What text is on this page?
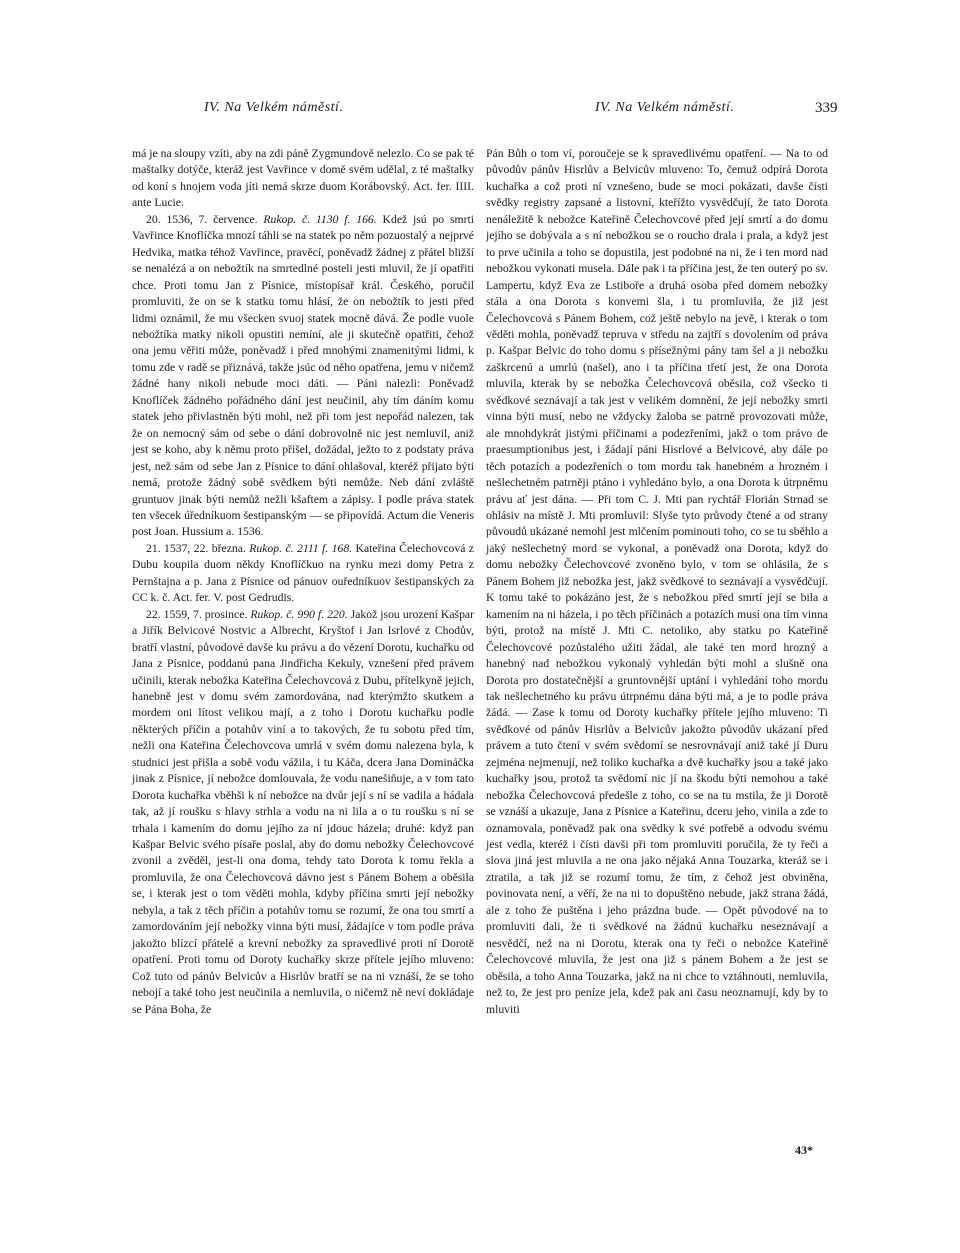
IV. Na Velkém náměstí.	IV. Na Velkém náměstí.	339

má je na sloupy vzíti, aby na zdi páně Zygmundově nelezlo. Co se pak té maštalky dotýče, kteráž jest Vavřince v domě svém udělal, z té maštalky od koní s hnojem voda jíti nemá skrze duom Korábovský. Act. fer. IIII. ante Lucie.

20. 1536, 7. července. Rukop. č. 1130 f. 166. Kdež jsú po smrti Vavřince Knoflíčka mnozí táhli se na statek po něm pozuostalý a nejprvé Hedvika, matka téhož Vavřince, pravěcí, poněvadž žádnej z přátel bližší se nenalézá a on nebožtík na smrtedlné posteli jesti mluvil, že jí opatřiti chce. Proti tomu Jan z Písnice, místopísař král. Českého, poručil promluviti, že on se k statku tomu hlásí, že on nebožtík to jesti před lidmi oznámil, že mu všecken svuoj statek mocně dává. Že podle vuole nebožtíka matky nikoli opustiti nemíní, ale ji skutečně opatřiti, čehož ona jemu věřiti může, poněvadž i před mnohými znamenitými lidmi, k tomu zde v radě se přiznává, takže jsúc od něho opatřena, jemu v ničemž žádné hany nikoli nebude moci dáti. — Páni nalezli: Poněvadž Knoflíček žádného pořádného dání jest neučinil, aby tím dáním komu statek jeho přivlastněn býti mohl, než při tom jest nepořád nalezen, tak že on nemocný sám od sebe o dání dobrovolně nic jest nemluvil, aniž jest se koho, aby k němu proto přišel, dožádal, ježto to z podstaty práva jest, než sám od sebe Jan z Písnice to dání ohlašoval, kteréž přijato býti nemá, protože žádný sobě svědkem býti nemůže. Neb dání zvláště gruntuov jinak býti nemůž nežli kšaftem a zápisy. I podle práva statek ten všecek úředníkuom šestipanským — se připovídá. Actum die Veneris post Joan. Hussium a. 1536.

21. 1537, 22. března. Rukop. č. 2111 f. 168. Kateřina Čelechovcová z Dubu koupila duom někdy Knoflíčkuo na rynku mezi domy Petra z Pernštajna a p. Jana z Písnice od pánuov ouředníkuov šestipanských za CC k. č. Act. fer. V. post Gedrudis.

22. 1559, 7. prosince. Rukop. č. 990 f. 220. Jakož jsou urození Kašpar a Jiřík Belvicové Nostvic a Albrecht, Kryštof i Jan Isrlové z Chodův, bratří vlastní, původové davše ku právu a do vězení Dorotu, kuchařku od Jana z Písnice, poddanú pana Jindřicha Kekuly, vznešení před právem učinili, kterak nebožka Kateřina Čelechovcová z Dubu, přítelkyně jejich, hanebně jest v domu svém zamordována, nad kterýmžto skutkem a mordem oni lítost velikou mají, a z toho i Dorotu kuchařku podle některých příčin a potahův viní a to takových, že tu sobotu před tím, nežli ona Kateřina Čelechovcova umrlá v svém domu nalezena byla, k studnici jest přišla a sobě vodu vážila, i tu Káča, dcera Jana Domináčka jinak z Písnice, jí nebožce domlouvala, že vodu nanešiňuje, a v tom tato Dorota kuchařka vběhši k ní nebožce na dvůr její s ní se vadila a hádala tak, až jí roušku s hlavy strhla a vodu na ni lila a o tu roušku s ní se trhala i kamením do domu jejího za ní jdouc házela; druhé: když pan Kašpar Belvic svého písaře poslal, aby do domu nebožky Čelechovcové zvonil a zvěděl, jest-li ona doma, tehdy tato Dorota k tomu řekla a promluvila, že ona Čelechovcová dávno jest s Pánem Bohem a oběsila se, i kterak jest o tom věděti mohla, kdyby příčina smrti její nebožky nebyla, a tak z těch příčin a potahův tomu se rozumí, že ona tou smrtí a zamordováním její nebožky vinna býti musí, žádajíce v tom podle práva jakožto blízcí přátelé a krevní nebožky za spravedlivé proti ní Dorotě opatření. Proti tomu od Doroty kuchařky skrze přítele jejího mluveno: Což tuto od pánův Belvicův a Hisrlův bratří se na ni vznáší, že se toho nebojí a také toho jest neučinila a nemluvila, o ničemž ně neví dokládaje se Pána Boha, že

Pán Bůh o tom ví, poroučeje se k spravedlivému opatření. — Na to od původův pánův Hisrlův a Belvicův mluveno: To, čemuž odpírá Dorota kuchařka a což proti ní vznešeno, bude se moci pokázati, davše čísti svědky registry zapsané a listovní, kteřížto vysvědčují, že tato Dorota nenáležitě k nebožce Kateřině Čelechovcové před její smrtí a do domu jejího se dobývala a s ní nebožkou se o roucho drala i prala, a když jest to prve učinila a toho se dopustila, jest podobné na ni, že i ten mord nad nebožkou vykonati musela. Dále pak i ta příčina jest, že ten outerý po sv. Lampertu, když Eva ze Lstiboře a druhá osoba před domem nebožky stála a ona Dorota s konvemi šla, i tu promluvila, že již jest Čelechovcová s Pánem Bohem, což ještě nebylo na jevě, i kterak o tom věděti mohla, poněvadž tepruva v středu na zajtří s dovolením od práva p. Kašpar Belvic do toho domu s přísežnými pány tam šel a ji nebožku zaškrcenú a umrlú (našel), ano i ta příčina třetí jest, že ona Dorota mluvila, kterak by se nebožka Čelechovcová oběsila, což všecko ti svědkové seznávají a tak jest v velikém domnění, že její nebožky smrti vinna býti musí, nebo ne vždycky žaloba se patrně provozovati může, ale mnohdykrát jistými příčinami a podezřeními, jakž o tom právo de praesumptionibus jest, i žádají páni Hisrlové a Belvicové, aby dále po těch potazích a podezřeních o tom mordu tak hanebném a hrozném i nešlechetném patrněji ptáno i vyhledáno bylo, a ona Dorota k útrpnému právu ať jest dána. — Při tom C. J. Mti pan rychtář Florián Strnad se ohlásiv na místě J. Mti promluvil: Slyše tyto průvody čtené a od strany půvoudů ukázané nemohl jest mlčením pominouti toho, co se tu sběhlo a jaký nešlechetný mord se vykonal, a poněvadž ona Dorota, když do domu nebožky Čelechovcové zvoněno bylo, v tom se ohlásila, že s Pánem Bohem již nebožka jest, jakž svědkové to seznávají a vysvědčují. K tomu také to pokázáno jest, že s nebožkou před smrtí její se bila a kamením na ni házela, i po těch příčinách a potazích musí ona tím vinna býti, protož na místě J. Mti C. netoliko, aby statku po Kateřině Čelechovcové pozůstalého užiti žádal, ale také ten mord hrozný a hanebný nad nebožkou vykonalý vyhledán býti mohl a slušně ona Dorota pro dostatečnější a gruntovnější uptání i vyhledání toho mordu tak nešlechetného ku právu útrpnému dána býti má, a je to podle práva žádá. — Zase k tomu od Doroty kuchařky přítele jejího mluveno: Ti svědkové od pánův Hisrlův a Belvicův jakožto původův ukázaní před právem a tuto čtení v svém svědomí se nesrovnávají aniž také jí Duru zejména nejmenují, než toliko kuchařka a dvě kuchařky jsou a také jako kuchařky jsou, protož ta svědomí nic jí na škodu býti nemohou a také nebožka Čelechovcová předešle z toho, co se na tu mstila, že ji Dorotě se vznáší a ukazuje, Jana z Písnice a Kateřinu, dceru jeho, vinila a zde to oznamovala, poněvadž pak ona svědky k své potřebě a odvodu svému jest vedla, kteréž i čísti davši při tom promluviti poručila, že ty řeči a slova jiná jest mluvila a ne ona jako nějaká Anna Touzarka, kteráž se i ztratila, a tak již se rozumí tomu, že tím, z čehož jest obviněna, povinovata není, a věří, že na ni to dopuštěno nebude, jakž strana žádá, ale z toho že puštěna i jeho prázdna bude. — Opět původové na to promluviti dali, že ti svědkové na žádnú kuchařku neseznávají a nesvědčí, než na ni Dorotu, kterak ona ty řeči o nebožce Kateřině Čelechovcové mluvila, že jest ona již s pánem Bohem a že jest se oběsila, a toho Anna Touzarka, jakž na ni chce to vztáhnouti, nemluvila, než to, že jest pro peníze jela, kdež pak ani času neoznamují, kdy by to mluviti

43*
